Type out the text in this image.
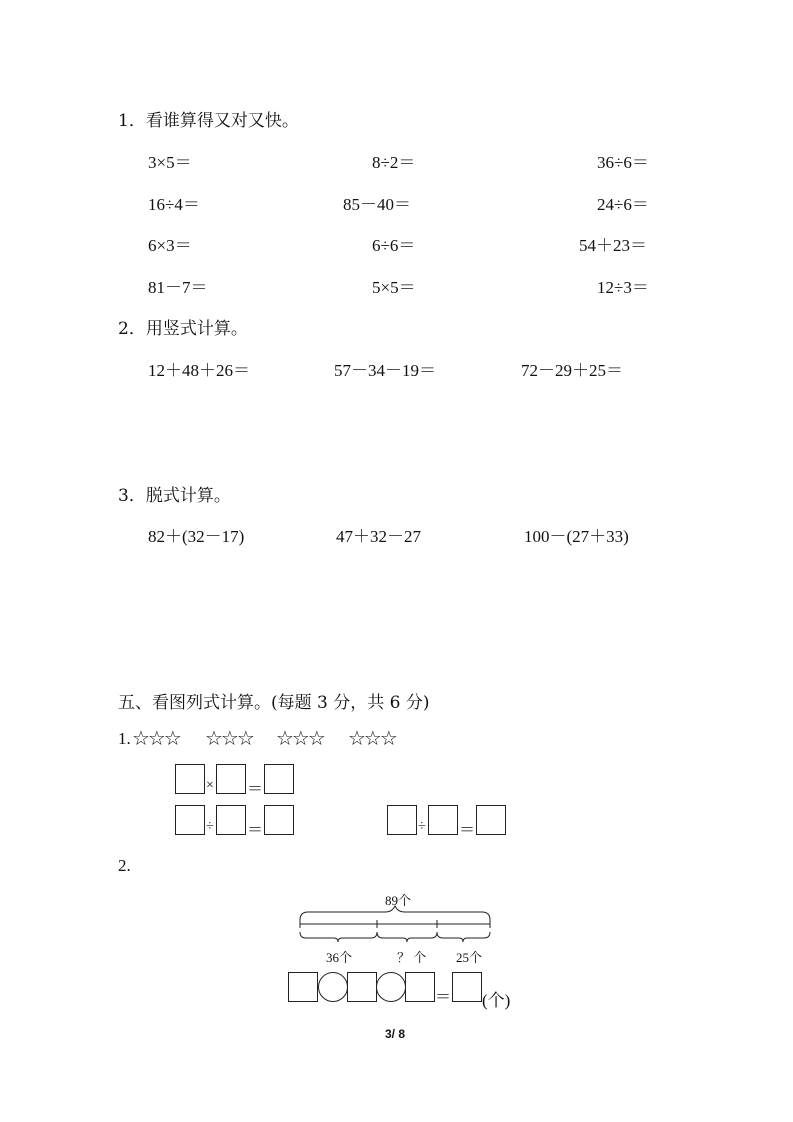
1．看谁算得又对又快。
3×5＝	8÷2＝	36÷6＝
16÷4＝	85－40＝	24÷6＝
6×3＝	6÷6＝	54＋23＝
81－7＝	5×5＝	12÷3＝
2．用竖式计算。
12＋48＋26＝	57－34－19＝	72－29＋25＝
3．脱式计算。
82＋(32－17)	47＋32－27	100－(27＋33)
五、看图列式计算。(每题 3 分，共 6 分)
1. ☆☆☆ ☆☆☆ ☆☆☆ ☆☆☆
× ＝
÷ ＝	÷ ＝
2.
89个
36个	？ 个 25个
＝ (个)
3/ 8
